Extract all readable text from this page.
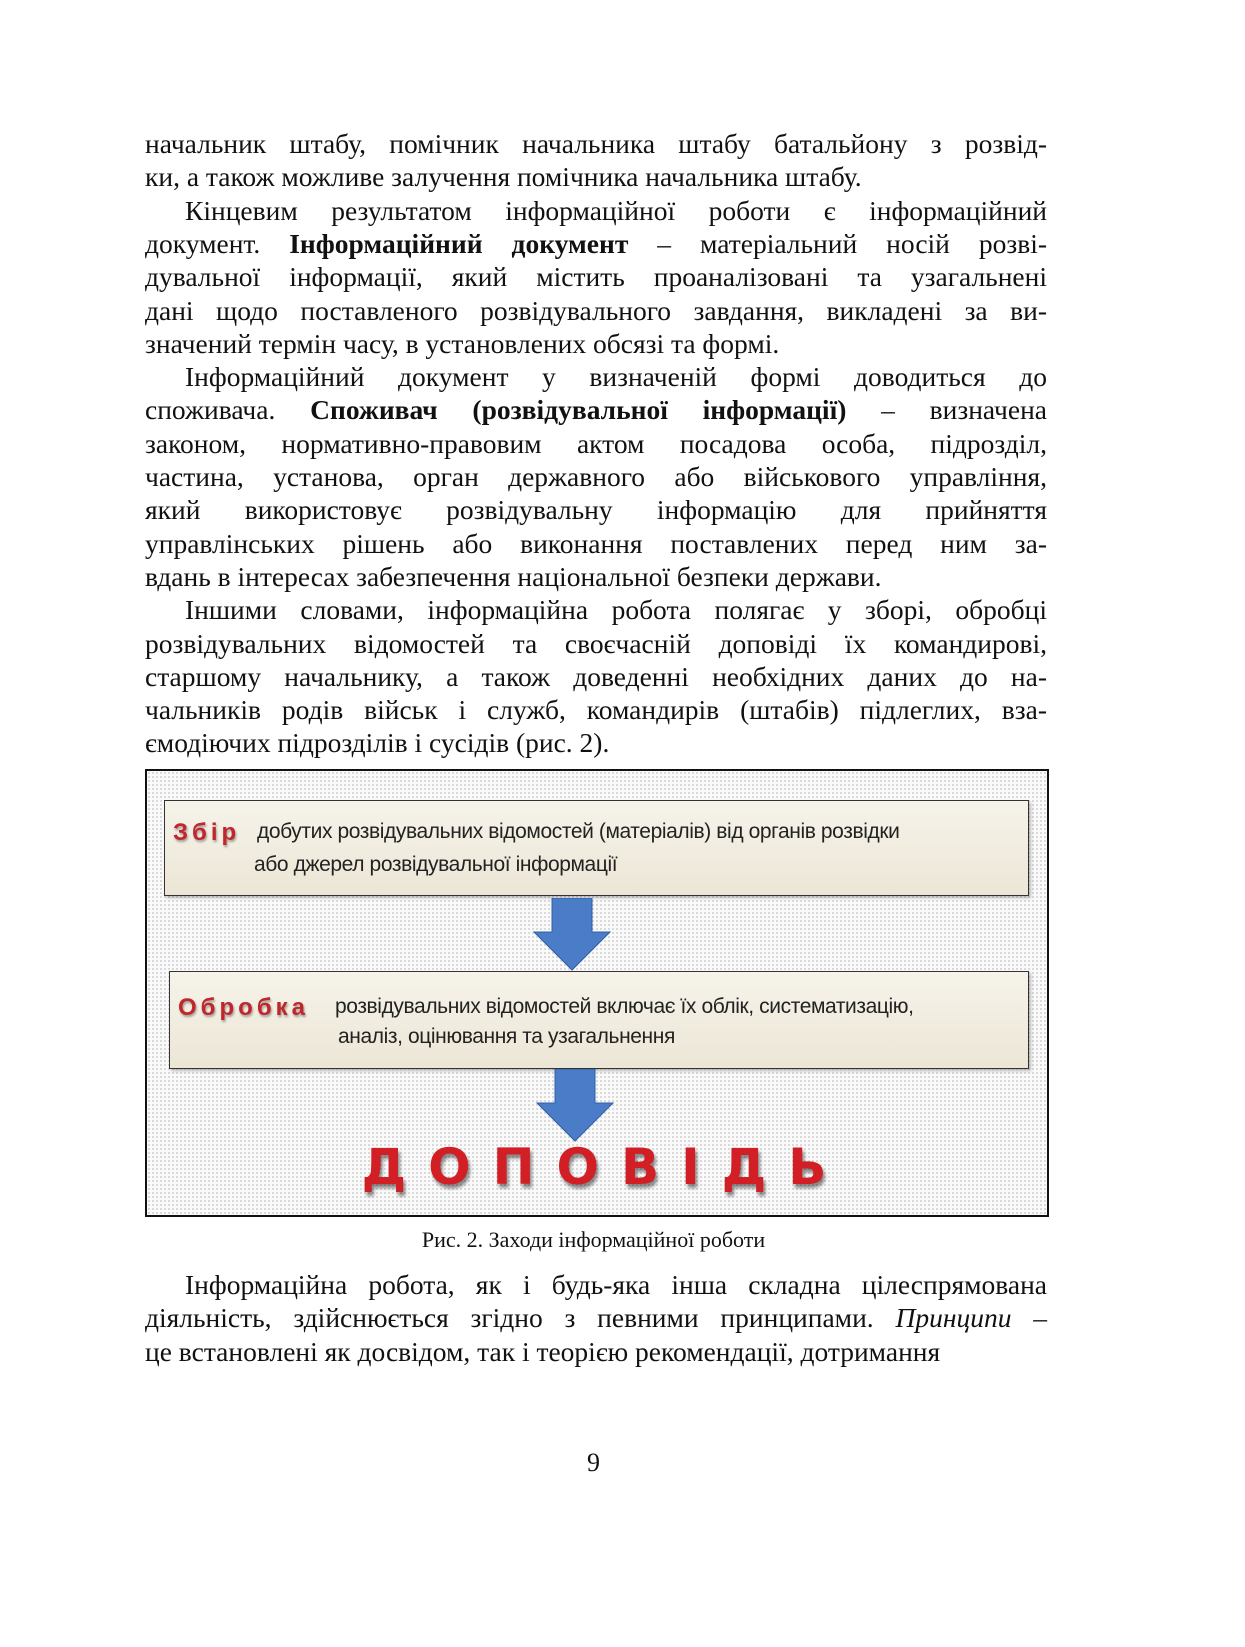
начальник штабу, помічник начальника штабу батальйону з розвід-
ки, а також можливе залучення помічника начальника штабу.
Кінцевим результатом інформаційної роботи є інформаційний
документ. Інформаційний документ – матеріальний носій розві-
дувальної інформації, який містить проаналізовані та узагальнені
дані щодо поставленого розвідувального завдання, викладені за ви-
значений термін часу, в установлених обсязі та формі.
Інформаційний документ у визначеній формі доводиться до
споживача. Споживач (розвідувальної інформації) – визначена
законом, нормативно-правовим актом посадова особа, підрозділ,
частина, установа, орган державного або військового управління,
який використовує розвідувальну інформацію для прийняття
управлінських рішень або виконання поставлених перед ним за-
вдань в інтересах забезпечення національної безпеки держави.
Іншими словами, інформаційна робота полягає у зборі, обробці
розвідувальних відомостей та своєчасній доповіді їх командирові,
старшому начальнику, а також доведенні необхідних даних до на-
чальників родів військ і служб, командирів (штабів) підлеглих, вза-
ємодіючих підрозділів і сусідів (рис. 2).
Збір добутих розвідувальних відомостей (матеріалів) від органів розвідки
або джерел розвідувальної інформації
Обробка розвідувальних відомостей включає їх облік, систематизацію,
аналіз, оцінювання та узагальнення
ДОПОВІДЬ
Рис. 2. Заходи інформаційної роботи
Інформаційна робота, як і будь-яка інша складна цілеспрямована
діяльність, здійснюється згідно з певними принципами. Принципи –
це встановлені як досвідом, так і теорією рекомендації, дотримання
9
